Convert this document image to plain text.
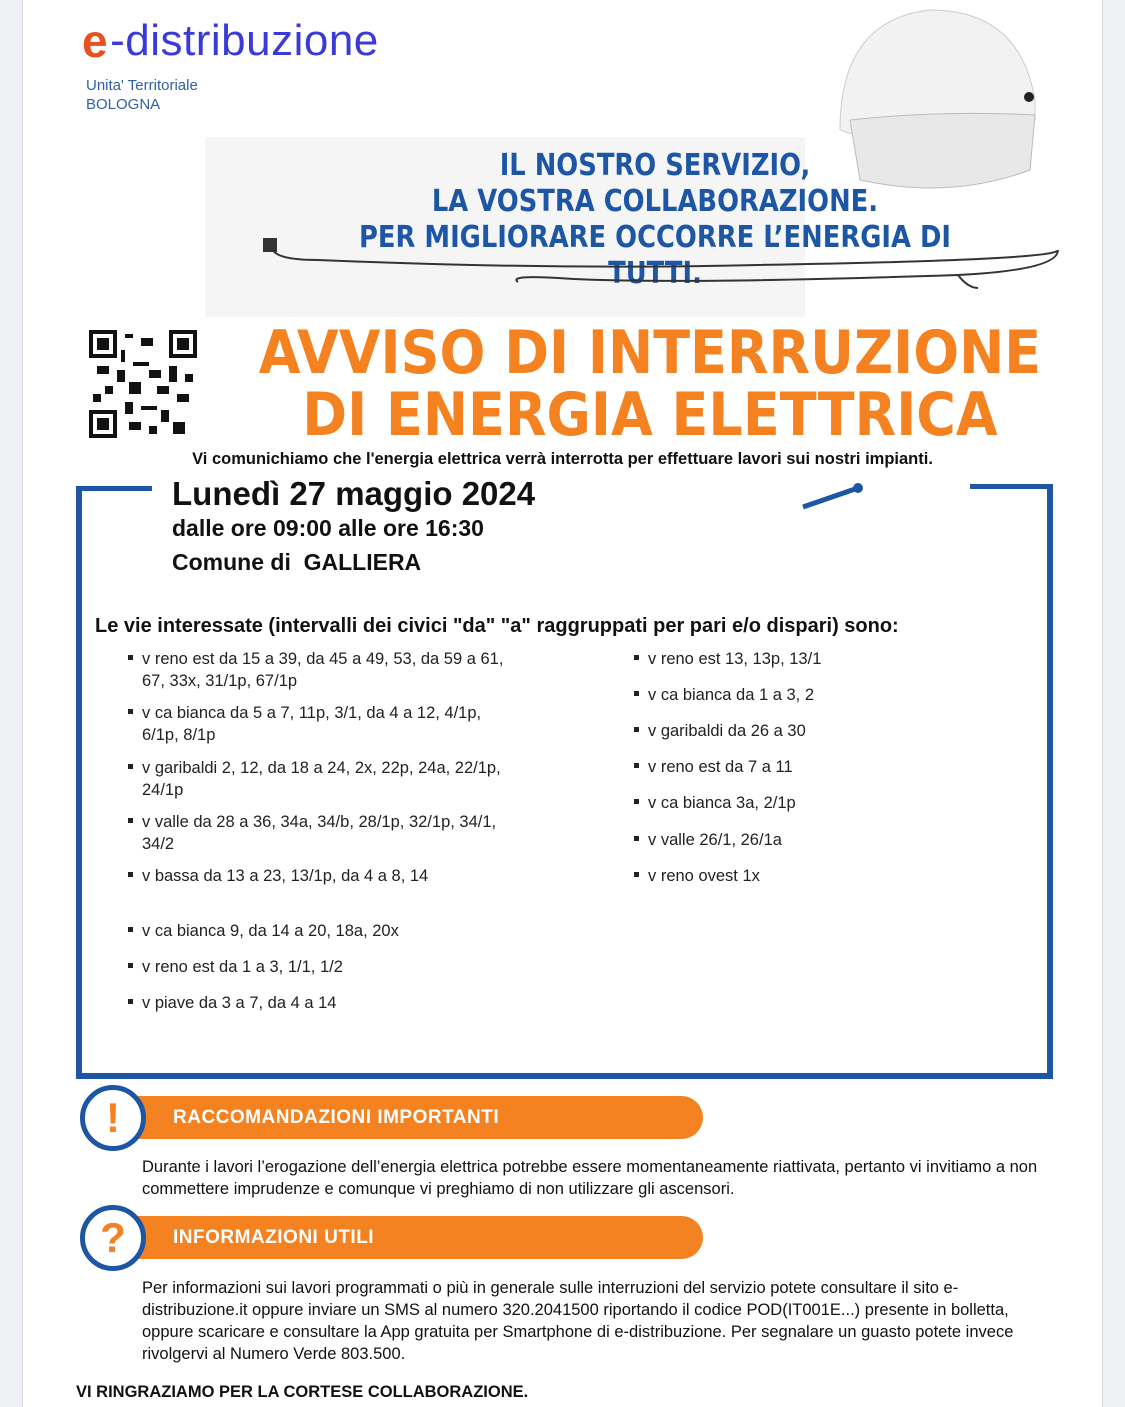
e -distribuzione
Unita' Territoriale
BOLOGNA
IL NOSTRO SERVIZIO,
LA VOSTRA COLLABORAZIONE.
PER MIGLIORARE OCCORRE L’ENERGIA DI TUTTI.
AVVISO DI INTERRUZIONE
DI ENERGIA ELETTRICA
Vi comunichiamo che l'energia elettrica verrà interrotta per effettuare lavori sui nostri impianti.
Lunedì 27 maggio 2024
dalle ore 09:00 alle ore 16:30
Comune di  GALLIERA
Le vie interessate (intervalli dei civici "da" "a" raggruppati per pari e/o dispari) sono:
v reno est da 15 a 39, da 45 a 49, 53, da 59 a 61, 67, 33x, 31/1p, 67/1p
v ca bianca da 5 a 7, 11p, 3/1, da 4 a 12, 4/1p, 6/1p, 8/1p
v garibaldi 2, 12, da 18 a 24, 2x, 22p, 24a, 22/1p, 24/1p
v valle da 28 a 36, 34a, 34/b, 28/1p, 32/1p, 34/1, 34/2
v bassa da 13 a 23, 13/1p, da 4 a 8, 14
v ca bianca 9, da 14 a 20, 18a, 20x
v reno est da 1 a 3, 1/1, 1/2
v piave da 3 a 7, da 4 a 14
v reno est 13, 13p, 13/1
v ca bianca da 1 a 3, 2
v garibaldi da 26 a 30
v reno est da 7 a 11
v ca bianca 3a, 2/1p
v valle 26/1, 26/1a
v reno ovest 1x
RACCOMANDAZIONI IMPORTANTI
!
Durante i lavori l’erogazione dell’energia elettrica potrebbe essere momentaneamente riattivata, pertanto vi invitiamo a non commettere imprudenze e comunque vi preghiamo di non utilizzare gli ascensori.
INFORMAZIONI UTILI
?
Per informazioni sui lavori programmati o più in generale sulle interruzioni del servizio potete consultare il sito e-distribuzione.it oppure inviare un SMS al numero 320.2041500 riportando il codice POD(IT001E...) presente in bolletta, oppure scaricare e consultare la App gratuita per Smartphone di e-distribuzione. Per segnalare un guasto potete invece rivolgervi al Numero Verde 803.500.
VI RINGRAZIAMO PER LA CORTESE COLLABORAZIONE.
